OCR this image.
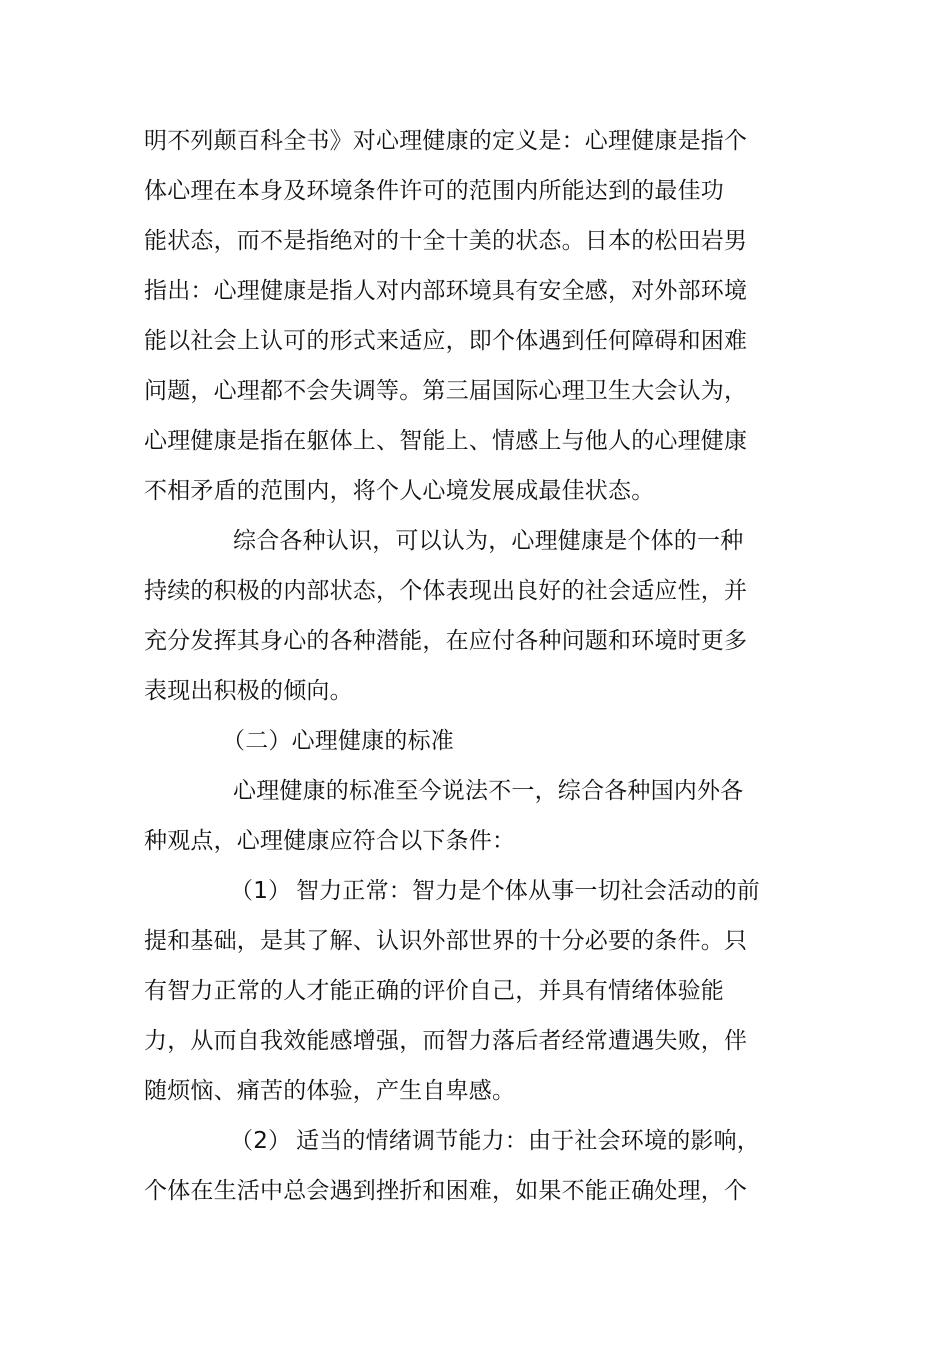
明不列颠百科全书》对心理健康的定义是：心理健康是指个

体心理在本身及环境条件许可的范围内所能达到的最佳功

能状态，而不是指绝对的十全十美的状态。日本的松田岩男

指出：心理健康是指人对内部环境具有安全感，对外部环境

能以社会上认可的形式来适应，即个体遇到任何障碍和困难

问题，心理都不会失调等。第三届国际心理卫生大会认为，

心理健康是指在躯体上、智能上、情感上与他人的心理健康

不相矛盾的范围内，将个人心境发展成最佳状态。

综合各种认识，可以认为，心理健康是个体的一种

持续的积极的内部状态，个体表现出良好的社会适应性，并

充分发挥其身心的各种潜能，在应付各种问题和环境时更多

表现出积极的倾向。

（二）心理健康的标准

心理健康的标准至今说法不一，综合各种国内外各

种观点，心理健康应符合以下条件：

（1） 智力正常：智力是个体从事一切社会活动的前

提和基础，是其了解、认识外部世界的十分必要的条件。只

有智力正常的人才能正确的评价自己，并具有情绪体验能

力，从而自我效能感增强，而智力落后者经常遭遇失败，伴

随烦恼、痛苦的体验，产生自卑感。

（2） 适当的情绪调节能力：由于社会环境的影响，

个体在生活中总会遇到挫折和困难，如果不能正确处理，个
